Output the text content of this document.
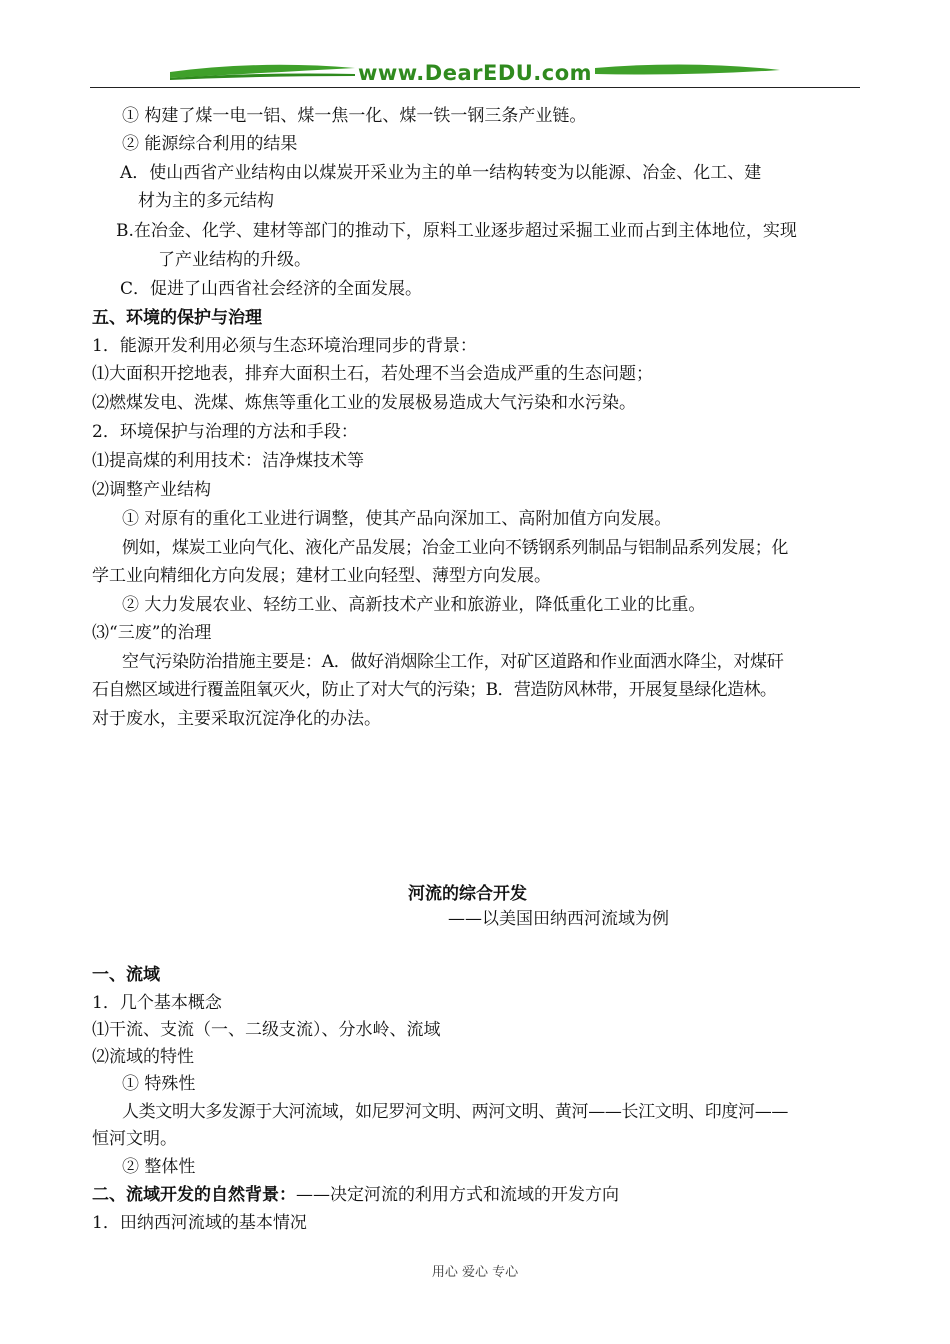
www.DearEDU.com
① 构建了煤一电一铝、煤一焦一化、煤一铁一钢三条产业链。
② 能源综合利用的结果
A．使山西省产业结构由以煤炭开采业为主的单一结构转变为以能源、冶金、化工、建
材为主的多元结构
B.在冶金、化学、建材等部门的推动下，原料工业逐步超过采掘工业而占到主体地位，实现
了产业结构的升级。
C．促进了山西省社会经济的全面发展。
五、环境的保护与治理
1．能源开发利用必须与生态环境治理同步的背景：
⑴大面积开挖地表，排弃大面积土石，若处理不当会造成严重的生态问题；
⑵燃煤发电、洗煤、炼焦等重化工业的发展极易造成大气污染和水污染。
2．环境保护与治理的方法和手段：
⑴提高煤的利用技术：洁净煤技术等
⑵调整产业结构
① 对原有的重化工业进行调整，使其产品向深加工、高附加值方向发展。
例如，煤炭工业向气化、液化产品发展；冶金工业向不锈钢系列制品与铝制品系列发展；化
学工业向精细化方向发展；建材工业向轻型、薄型方向发展。
② 大力发展农业、轻纺工业、高新技术产业和旅游业，降低重化工业的比重。
⑶“三废”的治理
空气污染防治措施主要是：A．做好消烟除尘工作，对矿区道路和作业面洒水降尘，对煤矸
石自燃区域进行覆盖阻氧灭火，防止了对大气的污染；B．营造防风林带，开展复垦绿化造林。
对于废水，主要采取沉淀净化的办法。
河流的综合开发
——以美国田纳西河流域为例
一、流域
1．几个基本概念
⑴干流、支流（一、二级支流）、分水岭、流域
⑵流域的特性
① 特殊性
人类文明大多发源于大河流域，如尼罗河文明、两河文明、黄河——长江文明、印度河——
恒河文明。
② 整体性
二、流域开发的自然背景：——决定河流的利用方式和流域的开发方向
1．田纳西河流域的基本情况
用心 爱心 专心
